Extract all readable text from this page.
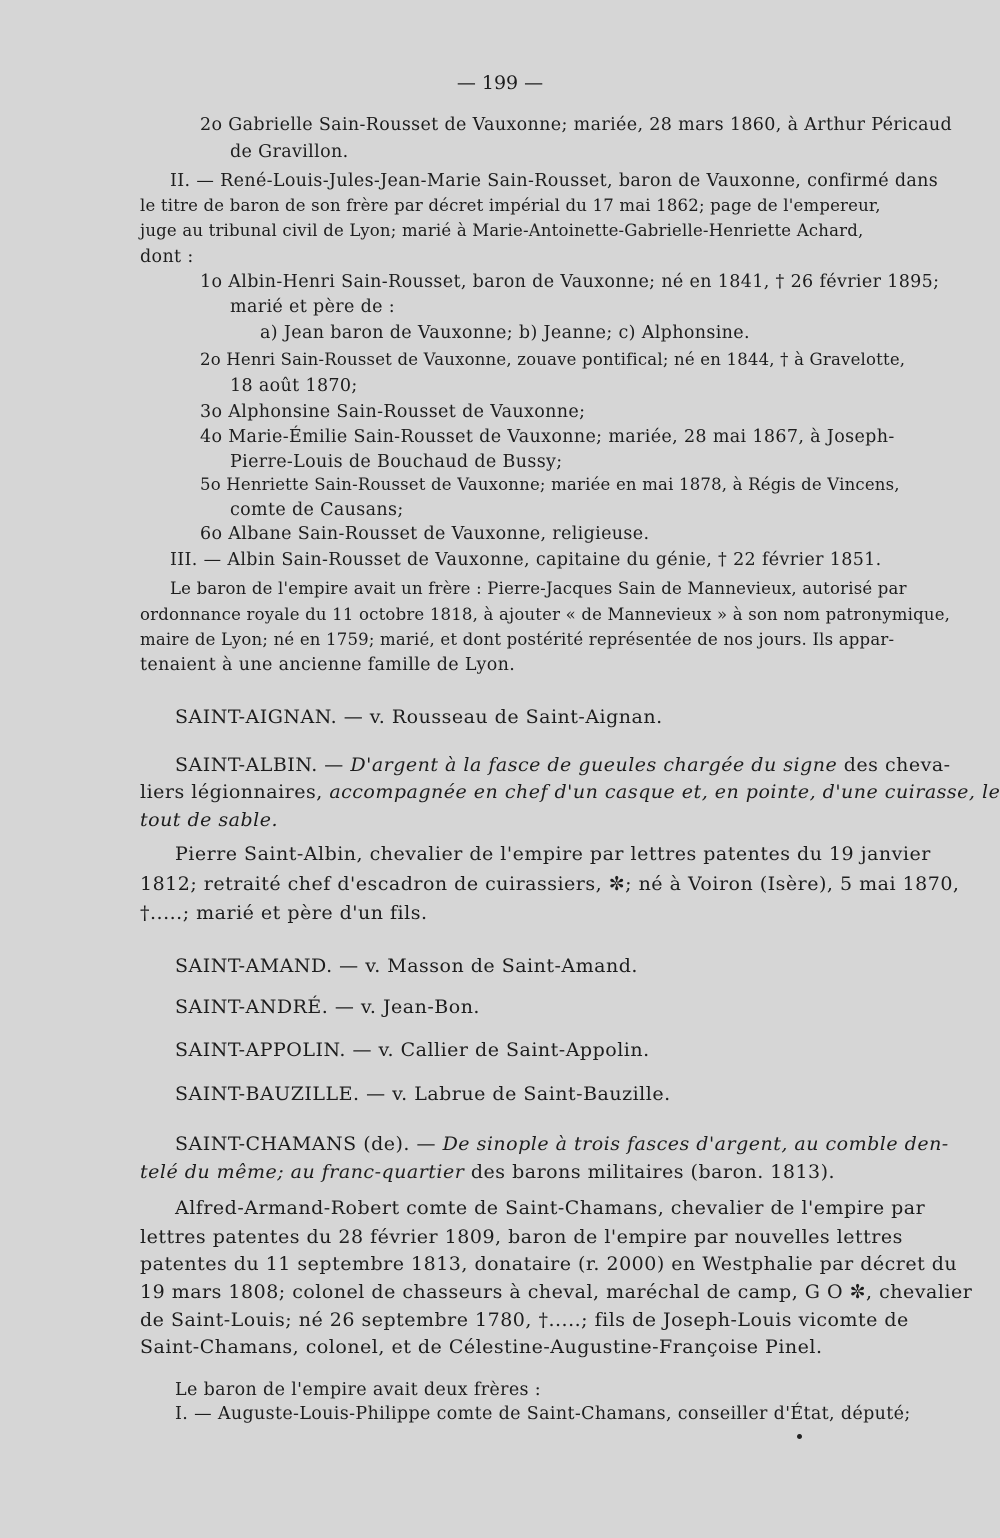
— 199 —
2o Gabrielle Sain-Rousset de Vauxonne; mariée, 28 mars 1860, à Arthur Péricaud
de Gravillon.
II. — René-Louis-Jules-Jean-Marie Sain-Rousset, baron de Vauxonne, confirmé dans
le titre de baron de son frère par décret impérial du 17 mai 1862; page de l'empereur,
juge au tribunal civil de Lyon; marié à Marie-Antoinette-Gabrielle-Henriette Achard,
dont :
1o Albin-Henri Sain-Rousset, baron de Vauxonne; né en 1841, † 26 février 1895;
marié et père de :
a) Jean baron de Vauxonne; b) Jeanne; c) Alphonsine.
2o Henri Sain-Rousset de Vauxonne, zouave pontifical; né en 1844, † à Gravelotte,
18 août 1870;
3o Alphonsine Sain-Rousset de Vauxonne;
4o Marie-Émilie Sain-Rousset de Vauxonne; mariée, 28 mai 1867, à Joseph-
Pierre-Louis de Bouchaud de Bussy;
5o Henriette Sain-Rousset de Vauxonne; mariée en mai 1878, à Régis de Vincens,
comte de Causans;
6o Albane Sain-Rousset de Vauxonne, religieuse.
III. — Albin Sain-Rousset de Vauxonne, capitaine du génie, † 22 février 1851.
Le baron de l'empire avait un frère : Pierre-Jacques Sain de Mannevieux, autorisé par
ordonnance royale du 11 octobre 1818, à ajouter « de Mannevieux » à son nom patronymique,
maire de Lyon; né en 1759; marié, et dont postérité représentée de nos jours. Ils appar-
tenaient à une ancienne famille de Lyon.
SAINT-AIGNAN. — v. Rousseau de Saint-Aignan.
SAINT-ALBIN. — D'argent à la fasce de gueules chargée du signe des cheva-
liers légionnaires, accompagnée en chef d'un casque et, en pointe, d'une cuirasse, le
tout de sable.
Pierre Saint-Albin, chevalier de l'empire par lettres patentes du 19 janvier
1812; retraité chef d'escadron de cuirassiers, ✼; né à Voiron (Isère), 5 mai 1870,
†.....; marié et père d'un fils.
SAINT-AMAND. — v. Masson de Saint-Amand.
SAINT-ANDRÉ. — v. Jean-Bon.
SAINT-APPOLIN. — v. Callier de Saint-Appolin.
SAINT-BAUZILLE. — v. Labrue de Saint-Bauzille.
SAINT-CHAMANS (de). — De sinople à trois fasces d'argent, au comble den-
telé du même; au franc-quartier des barons militaires (baron. 1813).
Alfred-Armand-Robert comte de Saint-Chamans, chevalier de l'empire par
lettres patentes du 28 février 1809, baron de l'empire par nouvelles lettres
patentes du 11 septembre 1813, donataire (r. 2000) en Westphalie par décret du
19 mars 1808; colonel de chasseurs à cheval, maréchal de camp, G O ✼, chevalier
de Saint-Louis; né 26 septembre 1780, †.....; fils de Joseph-Louis vicomte de
Saint-Chamans, colonel, et de Célestine-Augustine-Françoise Pinel.
Le baron de l'empire avait deux frères :
I. — Auguste-Louis-Philippe comte de Saint-Chamans, conseiller d'État, député;
